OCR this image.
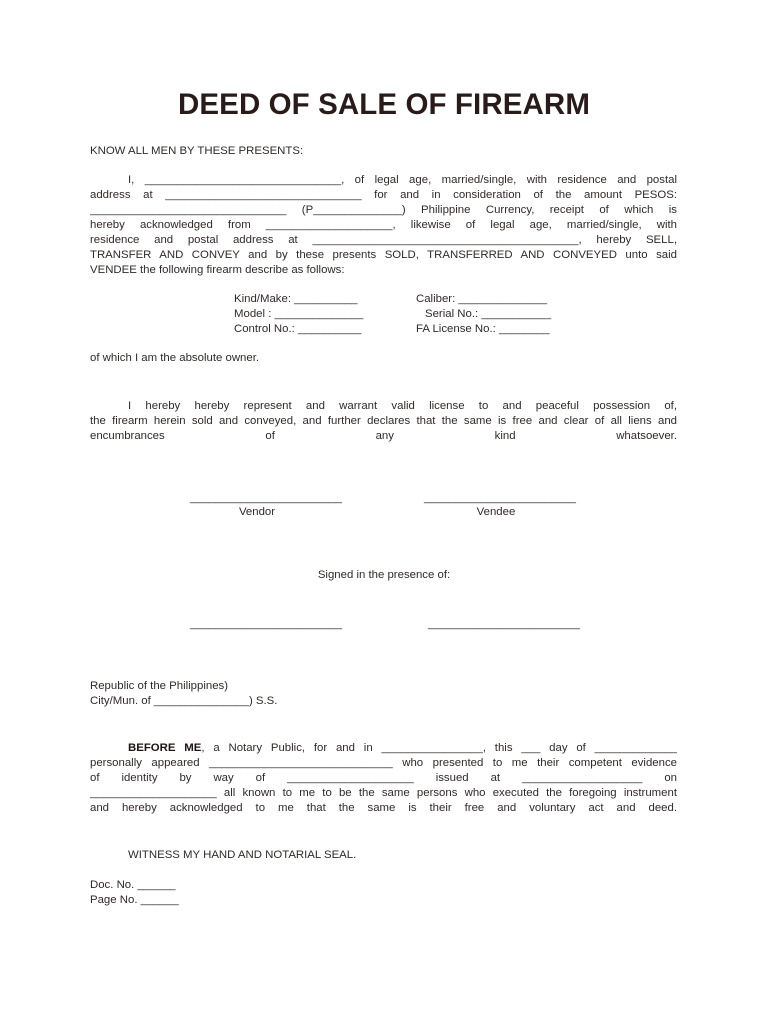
DEED OF SALE OF FIREARM
KNOW ALL MEN BY THESE PRESENTS:
I, _______________________________, of legal age, married/single, with residence and postal
address at _______________________________ for and in consideration of the amount PESOS:
_______________________________ (P______________) Philippine Currency, receipt of which is
hereby acknowledged from ____________________, likewise of legal age, married/single, with
residence and postal address at __________________________________________, hereby SELL,
TRANSFER AND CONVEY and by these presents SOLD, TRANSFERRED AND CONVEYED unto said
VENDEE the following firearm describe as follows:
Kind/Make: __________
Model : ______________
Control No.: __________
Caliber: ______________
Serial No.: ___________
FA License No.: ________
of which I am the absolute owner.
I hereby hereby represent and warrant valid license to and peaceful possession of,
the firearm herein sold and conveyed, and further declares that the same is free and clear of all liens and
encumbrances of any kind whatsoever.
________________________
Vendor
________________________
Vendee
Signed in the presence of:
________________________	________________________
Republic of the Philippines)
City/Mun. of _______________) S.S.
BEFORE ME, a Notary Public, for and in ________________, this ___ day of _____________
personally appeared _____________________________ who presented to me their competent evidence
of identity by way of ____________________ issued at ___________________ on
____________________ all known to me to be the same persons who executed the foregoing instrument
and hereby acknowledged to me that the same is their free and voluntary act and deed.
WITNESS MY HAND AND NOTARIAL SEAL.
Doc. No. ______
Page No. ______
